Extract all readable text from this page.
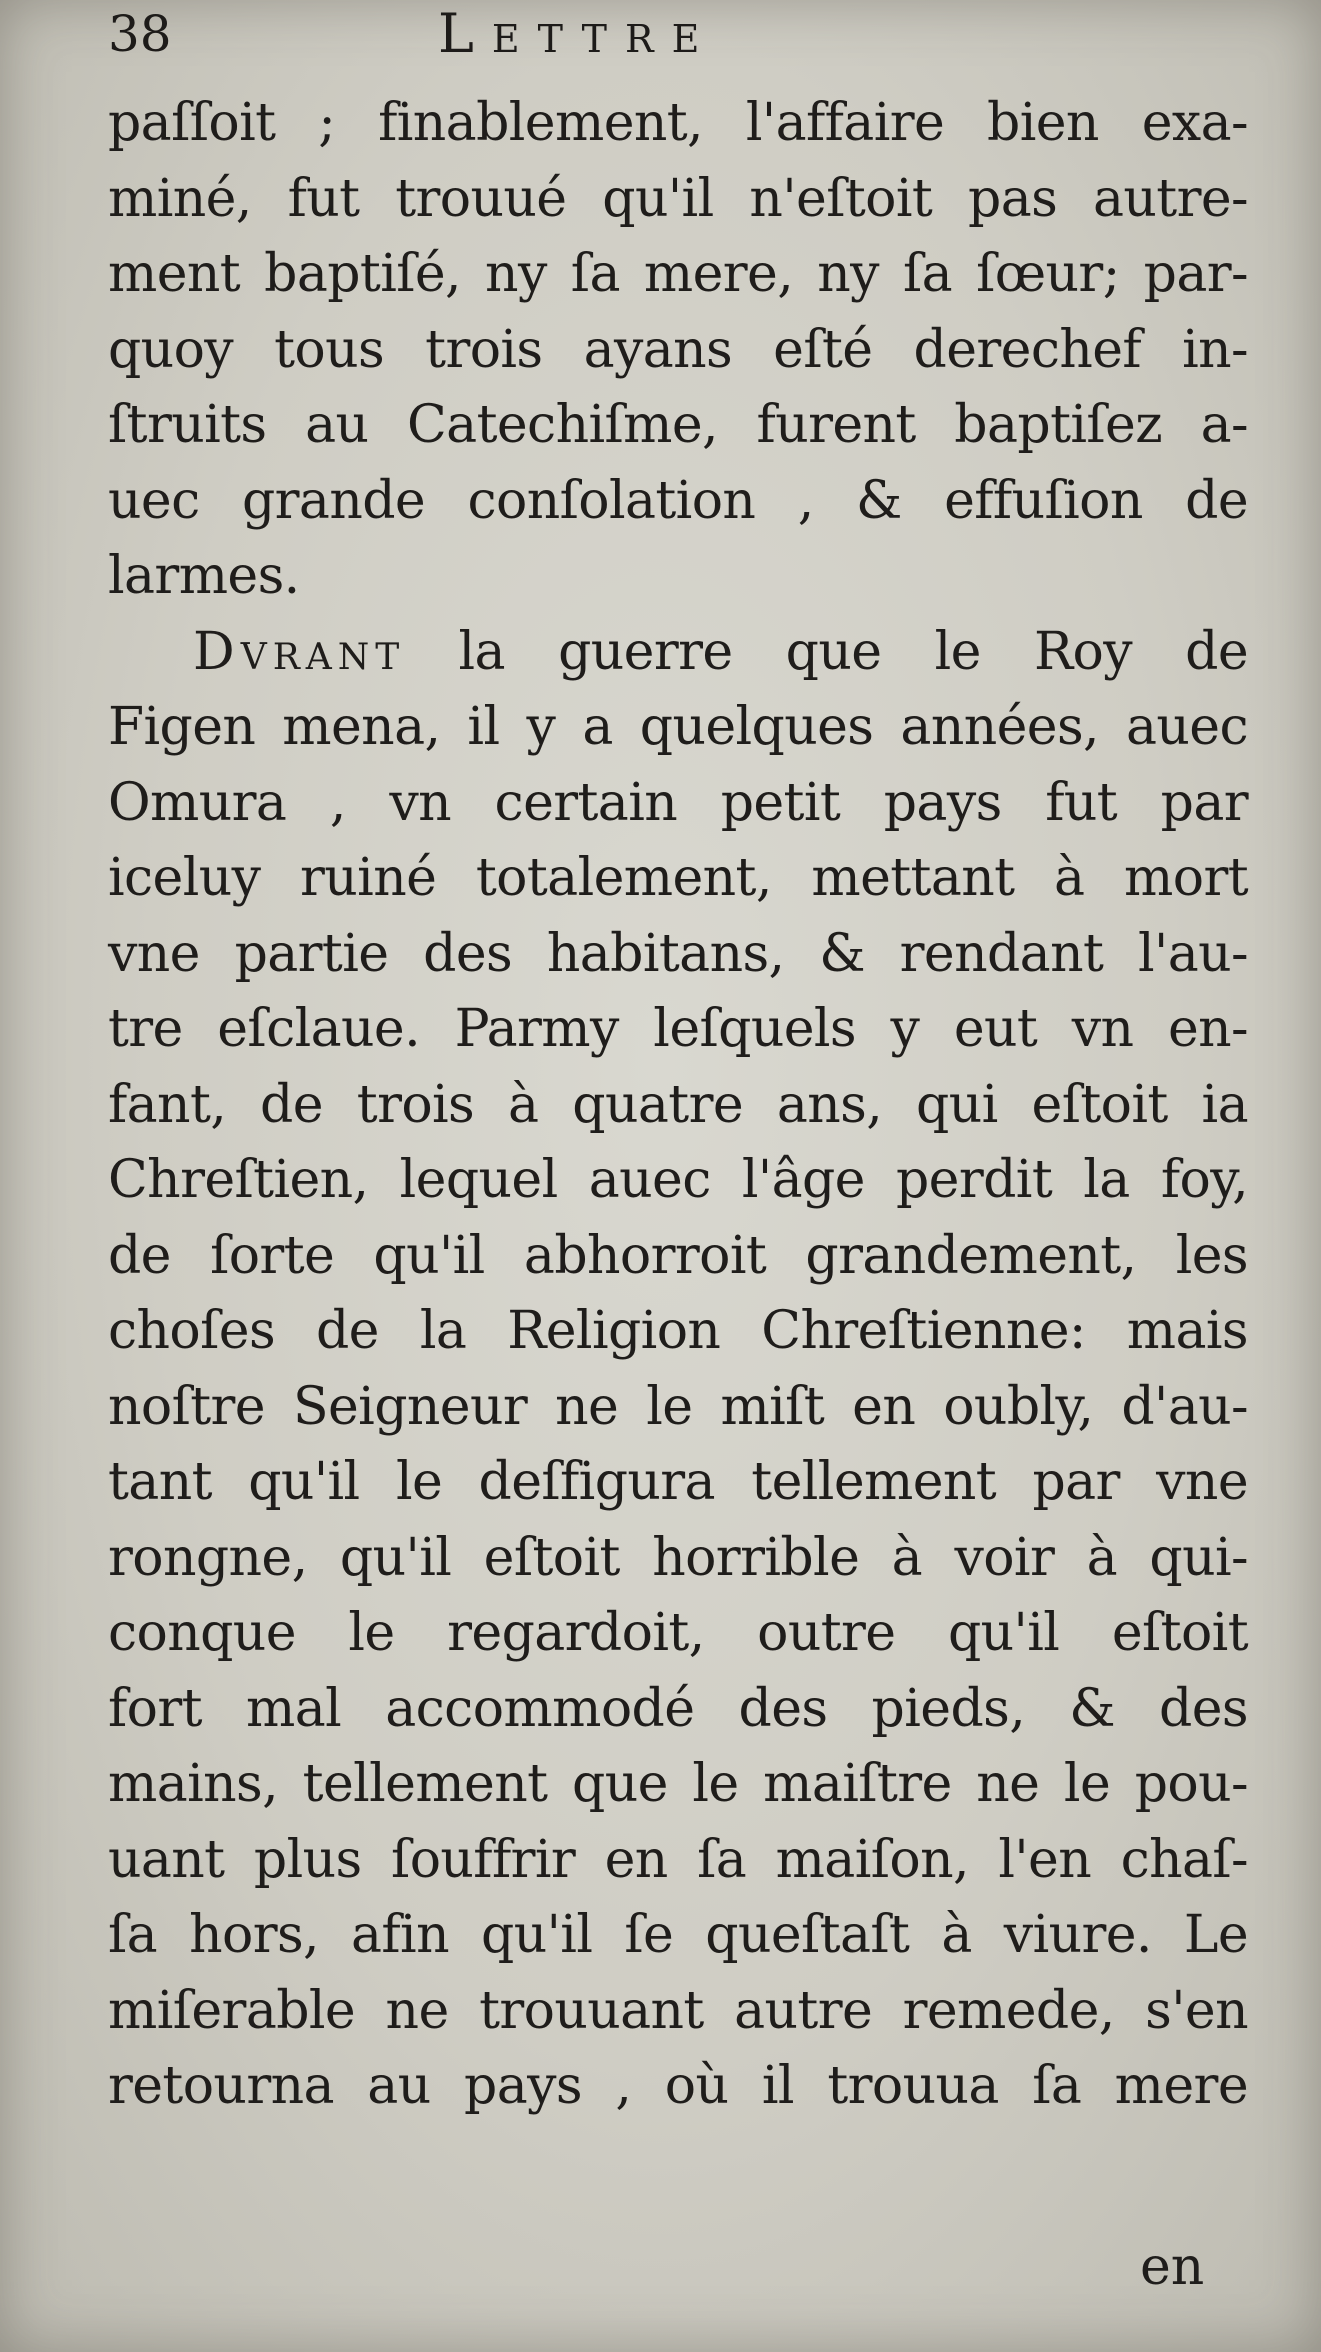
38	Lettre
paſſoit ; finablement, l'affaire bien exa-
miné, fut trouué qu'il n'eſtoit pas autre-
ment baptiſé, ny ſa mere, ny ſa ſœur; par-
quoy tous trois ayans eſté derechef in-
ſtruits au Catechiſme, furent baptiſez a-
uec grande conſolation , & effuſion de
larmes.
Dvrant la guerre que le Roy de
Figen mena, il y a quelques années, auec
Omura , vn certain petit pays fut par
iceluy ruiné totalement, mettant à mort
vne partie des habitans, & rendant l'au-
tre eſclaue. Parmy leſquels y eut vn en-
fant, de trois à quatre ans, qui eſtoit ia
Chreſtien, lequel auec l'âge perdit la foy,
de ſorte qu'il abhorroit grandement, les
choſes de la Religion Chreſtienne: mais
noſtre Seigneur ne le miſt en oubly, d'au-
tant qu'il le deſfigura tellement par vne
rongne, qu'il eſtoit horrible à voir à qui-
conque le regardoit, outre qu'il eſtoit
fort mal accommodé des pieds, & des
mains, tellement que le maiſtre ne le pou-
uant plus ſouffrir en ſa maiſon, l'en chaſ-
ſa hors, afin qu'il ſe queſtaſt à viure. Le
miſerable ne trouuant autre remede, s'en
retourna au pays , où il trouua ſa mere
en
